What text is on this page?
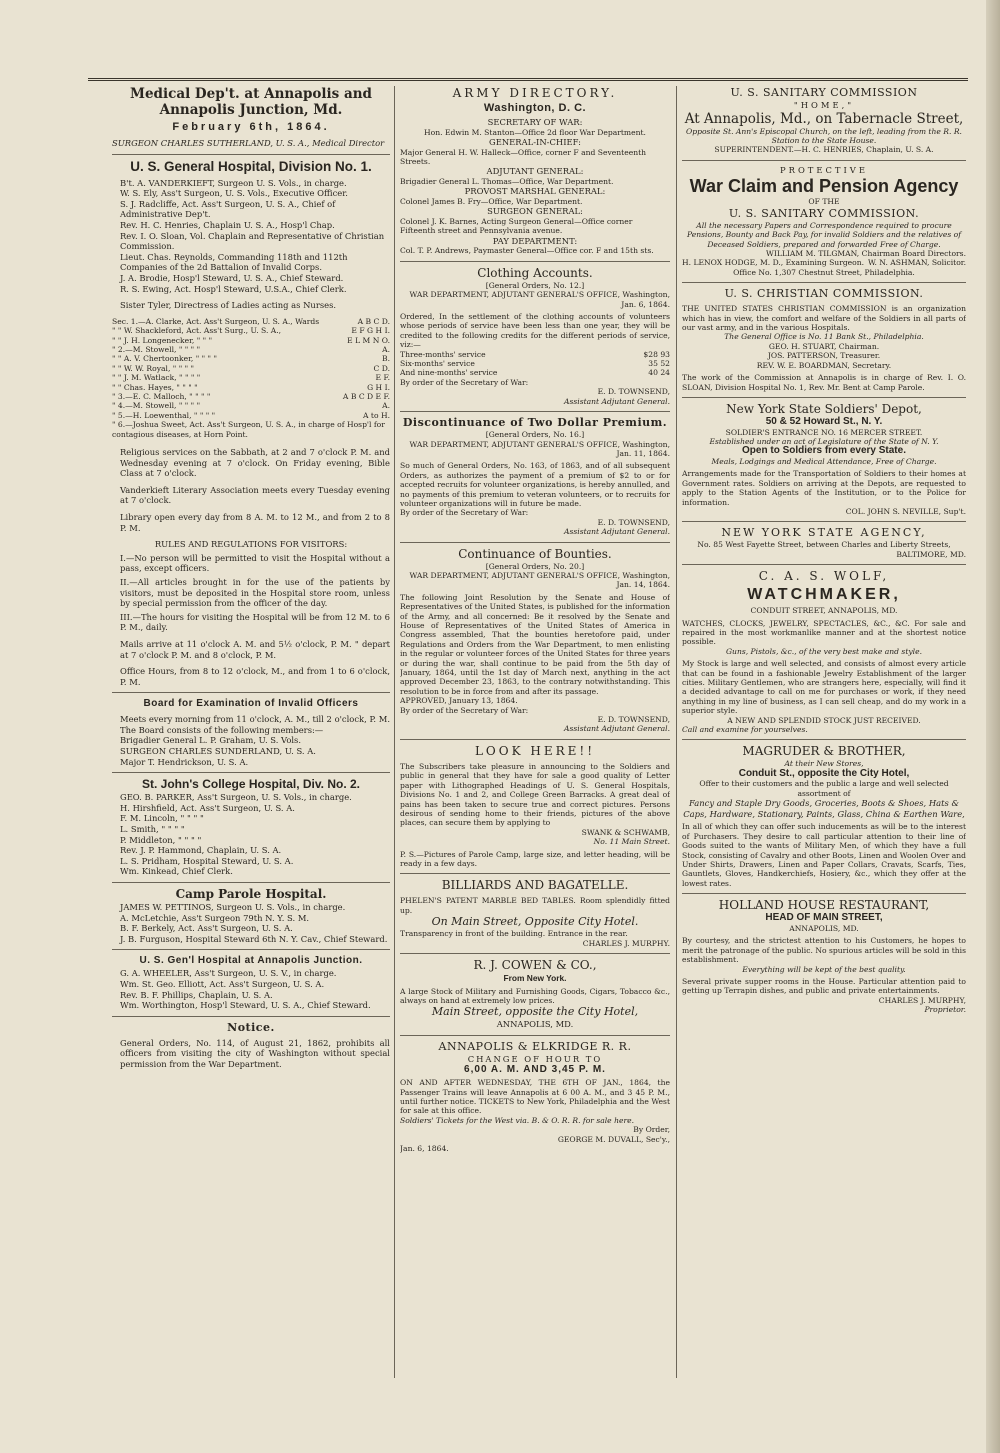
Medical Dep't. at Annapolis and Annapolis Junction, Md.
February 6th, 1864.
SURGEON CHARLES SUTHERLAND, U. S. A., Medical Director
U. S. General Hospital, Division No. 1.
B't. A. VANDERKIEFT, Surgeon U. S. Vols., in charge.
W. S. Ely, Ass't Surgeon, U. S. Vols., Executive Officer.
S. J. Radcliffe, Act. Ass't Surgeon, U. S. A., Chief of Administrative Dep't.
Rev. H. C. Henries, Chaplain U. S. A., Hosp'l Chap.
Rev. I. O. Sloan, Vol. Chaplain and Representative of Christian Commission.
Lieut. Chas. Reynolds, Commanding 118th and 112th Companies of the 2d Battalion of Invalid Corps.
J. A. Brodie, Hosp'l Steward, U. S. A., Chief Steward.
R. S. Ewing, Act. Hosp'l Steward, U.S.A., Chief Clerk.
Sister Tyler, Directress of Ladies acting as Nurses.
Sec. 1.—A. Clarke, Act. Ass't Surgeon, U. S. A., Wards	A B C D.
" " W. Shackleford, Act. Ass't Surg., U. S. A.,	E F G H I.
" " J. H. Longenecker, " " "	E L M N O.
" 2.—M. Stowell, " " " "	A.
" " A. V. Chertoonker, " " " "	B.
" " W. W. Royal, " " " "	C D.
" " J. M. Watlack, " " " "	E F.
" " Chas. Hayes, " " " "	G H I.
" 3.—E. C. Malloch, " " " "	A B C D E F.
" 4.—M. Stowell, " " " "	A.
" 5.—H. Loewenthal, " " " "	A to H.
" 6.—Joshua Sweet, Act. Ass't Surgeon, U. S. A., in charge of Hosp'l for contagious diseases, at Horn Point.
Religious services on the Sabbath, at 2 and 7 o'clock P. M. and Wednesday evening at 7 o'clock. On Friday evening, Bible Class at 7 o'clock.
Vanderkieft Literary Association meets every Tuesday evening at 7 o'clock.
Library open every day from 8 A. M. to 12 M., and from 2 to 8 P. M.
RULES AND REGULATIONS FOR VISITORS:
I.—No person will be permitted to visit the Hospital without a pass, except officers.
II.—All articles brought in for the use of the patients by visitors, must be deposited in the Hospital store room, unless by special permission from the officer of the day.
III.—The hours for visiting the Hospital will be from 12 M. to 6 P. M., daily.
Mails arrive at 11 o'clock A. M. and 5½ o'clock, P. M. " depart at 7 o'clock P. M. and 8 o'clock, P. M.
Office Hours, from 8 to 12 o'clock, M., and from 1 to 6 o'clock, P. M.
Board for Examination of Invalid Officers
Meets every morning from 11 o'clock, A. M., till 2 o'clock, P. M. The Board consists of the following members:—
Brigadier General L. P. Graham, U. S. Vols.
SURGEON CHARLES SUNDERLAND, U. S. A.
Major T. Hendrickson, U. S. A.
St. John's College Hospital, Div. No. 2.
GEO. B. PARKER, Ass't Surgeon, U. S. Vols., in charge.
H. Hirshfield, Act. Ass't Surgeon, U. S. A.
F. M. Lincoln, " " " "
L. Smith, " " " "
P. Middleton, " " " "
Rev. J. P. Hammond, Chaplain, U. S. A.
L. S. Pridham, Hospital Steward, U. S. A.
Wm. Kinkead, Chief Clerk.
Camp Parole Hospital.
JAMES W. PETTINOS, Surgeon U. S. Vols., in charge.
A. McLetchie, Ass't Surgeon 79th N. Y. S. M.
B. F. Berkely, Act. Ass't Surgeon, U. S. A.
J. B. Furguson, Hospital Steward 6th N. Y. Cav., Chief Steward.
U. S. Gen'l Hospital at Annapolis Junction.
G. A. WHEELER, Ass't Surgeon, U. S. V., in charge.
Wm. St. Geo. Elliott, Act. Ass't Surgeon, U. S. A.
Rev. B. F. Phillips, Chaplain, U. S. A.
Wm. Worthington, Hosp'l Steward, U. S. A., Chief Steward.
Notice.
General Orders, No. 114, of August 21, 1862, prohibits all officers from visiting the city of Washington without special permission from the War Department.
ARMY DIRECTORY.
Washington, D. C.
SECRETARY OF WAR:
Hon. Edwin M. Stanton—Office 2d floor War Department.
GENERAL-IN-CHIEF:
Major General H. W. Halleck—Office, corner F and Seventeenth Streets.
ADJUTANT GENERAL:
Brigadier General L. Thomas—Office, War Department.
PROVOST MARSHAL GENERAL:
Colonel James B. Fry—Office, War Department.
SURGEON GENERAL:
Colonel J. K. Barnes, Acting Surgeon General—Office corner Fifteenth street and Pennsylvania avenue.
PAY DEPARTMENT:
Col. T. P. Andrews, Paymaster General—Office cor. F and 15th sts.
Clothing Accounts.
[General Orders, No. 12.]
WAR DEPARTMENT, ADJUTANT GENERAL'S OFFICE, Washington, Jan. 6, 1864.
Ordered, In the settlement of the clothing accounts of volunteers whose periods of service have been less than one year, they will be credited to the following credits for the different periods of service, viz:—
Three-months' service	$28 93
Six-months' service	35 52
And nine-months' service	40 24
By order of the Secretary of War:
E. D. TOWNSEND,
Assistant Adjutant General.
Discontinuance of Two Dollar Premium.
[General Orders, No. 16.]
WAR DEPARTMENT, ADJUTANT GENERAL'S OFFICE, Washington, Jan. 11, 1864.
So much of General Orders, No. 163, of 1863, and of all subsequent Orders, as authorizes the payment of a premium of $2 to or for accepted recruits for volunteer organizations, is hereby annulled, and no payments of this premium to veteran volunteers, or to recruits for volunteer organizations will in future be made.
By order of the Secretary of War:
E. D. TOWNSEND,
Assistant Adjutant General.
Continuance of Bounties.
[General Orders, No. 20.]
WAR DEPARTMENT, ADJUTANT GENERAL'S OFFICE, Washington, Jan. 14, 1864.
The following Joint Resolution by the Senate and House of Representatives of the United States, is published for the information of the Army, and all concerned: Be it resolved by the Senate and House of Representatives of the United States of America in Congress assembled, That the bounties heretofore paid, under Regulations and Orders from the War Department, to men enlisting in the regular or volunteer forces of the United States for three years or during the war, shall continue to be paid from the 5th day of January, 1864, until the 1st day of March next, anything in the act approved December 23, 1863, to the contrary notwithstanding. This resolution to be in force from and after its passage.
APPROVED, January 13, 1864.
By order of the Secretary of War:
E. D. TOWNSEND,
Assistant Adjutant General.
LOOK HERE!!
The Subscribers take pleasure in announcing to the Soldiers and public in general that they have for sale a good quality of Letter paper with Lithographed Headings of U. S. General Hospitals, Divisions No. 1 and 2, and College Green Barracks. A great deal of pains has been taken to secure true and correct pictures. Persons desirous of sending home to their friends, pictures of the above places, can secure them by applying to
SWANK & SCHWAMB,
No. 11 Main Street.
P. S.—Pictures of Parole Camp, large size, and letter heading, will be ready in a few days.
BILLIARDS AND BAGATELLE.
PHELEN'S PATENT MARBLE BED TABLES. Room splendidly fitted up.
On Main Street, Opposite City Hotel.
Transparency in front of the building. Entrance in the rear.
CHARLES J. MURPHY.
R. J. COWEN & CO.,
From New York.
A large Stock of Military and Furnishing Goods, Cigars, Tobacco &c., always on hand at extremely low prices.
Main Street, opposite the City Hotel,
ANNAPOLIS, MD.
ANNAPOLIS & ELKRIDGE R. R.
CHANGE OF HOUR TO
6,00 A. M. AND 3,45 P. M.
ON AND AFTER WEDNESDAY, THE 6TH OF JAN., 1864, the Passenger Trains will leave Annapolis at 6 00 A. M., and 3 45 P. M., until further notice. TICKETS to New York, Philadelphia and the West for sale at this office.
Soldiers' Tickets for the West via. B. & O. R. R. for sale here.
By Order,
GEORGE M. DUVALL, Sec'y.,
Jan. 6, 1864.
U. S. SANITARY COMMISSION
"HOME,"
At Annapolis, Md., on Tabernacle Street,
Opposite St. Ann's Episcopal Church, on the left, leading from the R. R. Station to the State House.
SUPERINTENDENT.—H. C. HENRIES, Chaplain, U. S. A.
PROTECTIVE
War Claim and Pension Agency
OF THE
U. S. SANITARY COMMISSION.
All the necessary Papers and Correspondence required to procure Pensions, Bounty and Back Pay, for invalid Soldiers and the relatives of Deceased Soldiers, prepared and forwarded Free of Charge.
WILLIAM M. TILGMAN, Chairman Board Directors.
H. LENOX HODGE, M. D., Examining Surgeon. W. N. ASHMAN, Solicitor.
Office No. 1,307 Chestnut Street, Philadelphia.
U. S. CHRISTIAN COMMISSION.
THE UNITED STATES CHRISTIAN COMMISSION is an organization which has in view, the comfort and welfare of the Soldiers in all parts of our vast army, and in the various Hospitals.
The General Office is No. 11 Bank St., Philadelphia.
GEO. H. STUART, Chairman.
JOS. PATTERSON, Treasurer.
REV. W. E. BOARDMAN, Secretary.
The work of the Commission at Annapolis is in charge of Rev. I. O. SLOAN, Division Hospital No. 1, Rev. Mr. Bent at Camp Parole.
New York State Soldiers' Depot,
50 & 52 Howard St., N. Y.
SOLDIER'S ENTRANCE NO. 16 MERCER STREET.
Established under an act of Legislature of the State of N. Y.
Open to Soldiers from every State.
Meals, Lodgings and Medical Attendance, Free of Charge.
Arrangements made for the Transportation of Soldiers to their homes at Government rates. Soldiers on arriving at the Depots, are requested to apply to the Station Agents of the Institution, or to the Police for information.
COL. JOHN S. NEVILLE, Sup't.
NEW YORK STATE AGENCY,
No. 85 West Fayette Street, between Charles and Liberty Streets,
BALTIMORE, MD.
C. A. S. WOLF,
WATCHMAKER,
CONDUIT STREET, ANNAPOLIS, MD.
WATCHES, CLOCKS, JEWELRY, SPECTACLES, &C., &C. For sale and repaired in the most workmanlike manner and at the shortest notice possible.
Guns, Pistols, &c., of the very best make and style.
My Stock is large and well selected, and consists of almost every article that can be found in a fashionable Jewelry Establishment of the larger cities. Military Gentlemen, who are strangers here, especially, will find it a decided advantage to call on me for purchases or work, if they need anything in my line of business, as I can sell cheap, and do my work in a superior style.
A NEW AND SPLENDID STOCK JUST RECEIVED.
Call and examine for yourselves.
MAGRUDER & BROTHER,
At their New Stores,
Conduit St., opposite the City Hotel,
Offer to their customers and the public a large and well selected assortment of
Fancy and Staple Dry Goods, Groceries, Boots & Shoes, Hats & Caps, Hardware, Stationary, Paints, Glass, China & Earthen Ware,
In all of which they can offer such inducements as will be to the interest of Purchasers. They desire to call particular attention to their line of Goods suited to the wants of Military Men, of which they have a full Stock, consisting of Cavalry and other Boots, Linen and Woolen Over and Under Shirts, Drawers, Linen and Paper Collars, Cravats, Scarfs, Ties, Gauntlets, Gloves, Handkerchiefs, Hosiery, &c., which they offer at the lowest rates.
HOLLAND HOUSE RESTAURANT,
HEAD OF MAIN STREET,
ANNAPOLIS, MD.
By courtesy, and the strictest attention to his Customers, he hopes to merit the patronage of the public. No spurious articles will be sold in this establishment.
Everything will be kept of the best quality.
Several private supper rooms in the House. Particular attention paid to getting up Terrapin dishes, and public and private entertainments.
CHARLES J. MURPHY,
Proprietor.
